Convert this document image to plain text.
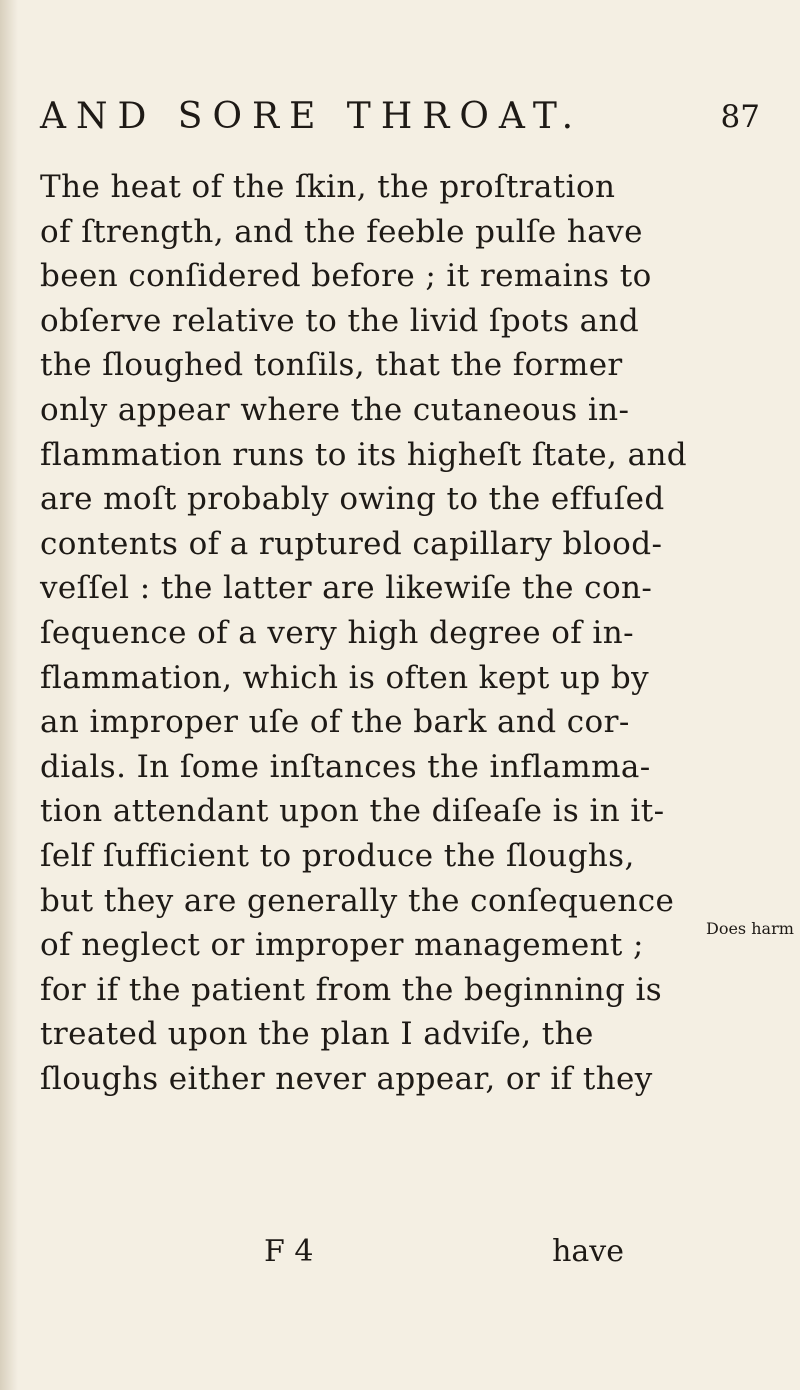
AND SORE THROAT.	87
The heat of the ſkin, the proſtration
of ſtrength, and the feeble pulſe have
been conſidered before ; it remains to
obſerve relative to the livid ſpots and
the ſloughed tonſils, that the former
only appear where the cutaneous in-
flammation runs to its higheſt ſtate, and
are moſt probably owing to the effuſed
contents of a ruptured capillary blood-
veſſel : the latter are likewiſe the con-
ſequence of a very high degree of in-
flammation, which is often kept up by
an improper uſe of the bark and cor-
dials. In ſome inſtances the inflamma-
tion attendant upon the diſeaſe is in it-
ſelf ſufficient to produce the ſloughs,
but they are generally the conſequence
of neglect or improper management ;
for if the patient from the beginning is
treated upon the plan I adviſe, the
ſloughs either never appear, or if they
Does harm
F 4	have
